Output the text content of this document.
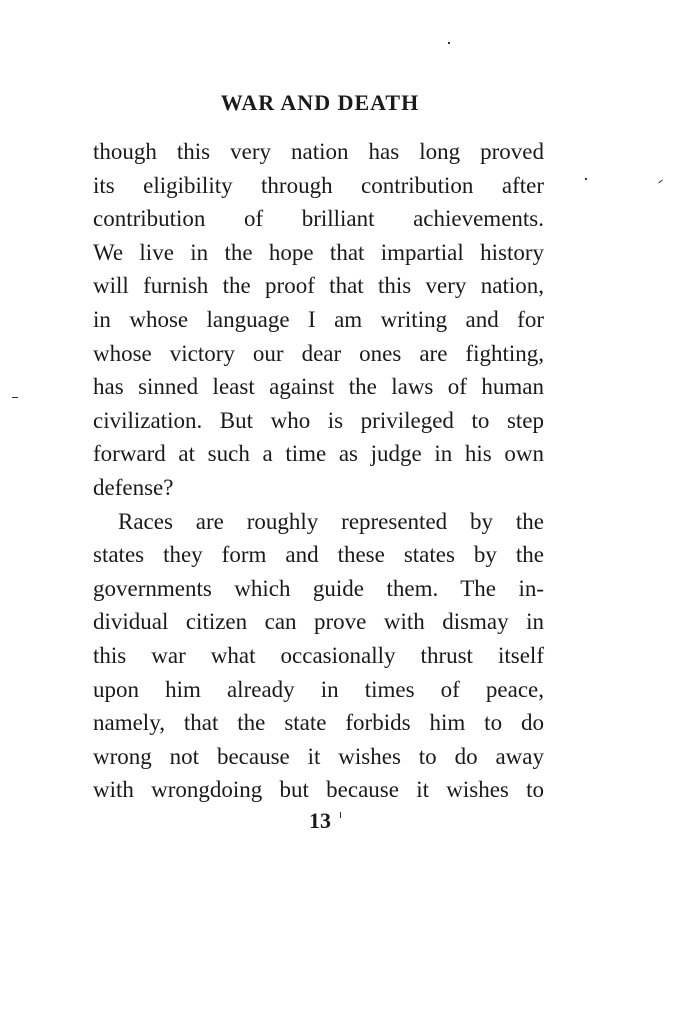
WAR AND DEATH
though this very nation has long proved
its eligibility through contribution after
contribution of brilliant achievements.
We live in the hope that impartial history
will furnish the proof that this very nation,
in whose language I am writing and for
whose victory our dear ones are fighting,
has sinned least against the laws of human
civilization. But who is privileged to step
forward at such a time as judge in his own
defense?
Races are roughly represented by the
states they form and these states by the
governments which guide them. The in-
dividual citizen can prove with dismay in
this war what occasionally thrust itself
upon him already in times of peace,
namely, that the state forbids him to do
wrong not because it wishes to do away
with wrongdoing but because it wishes to
13
